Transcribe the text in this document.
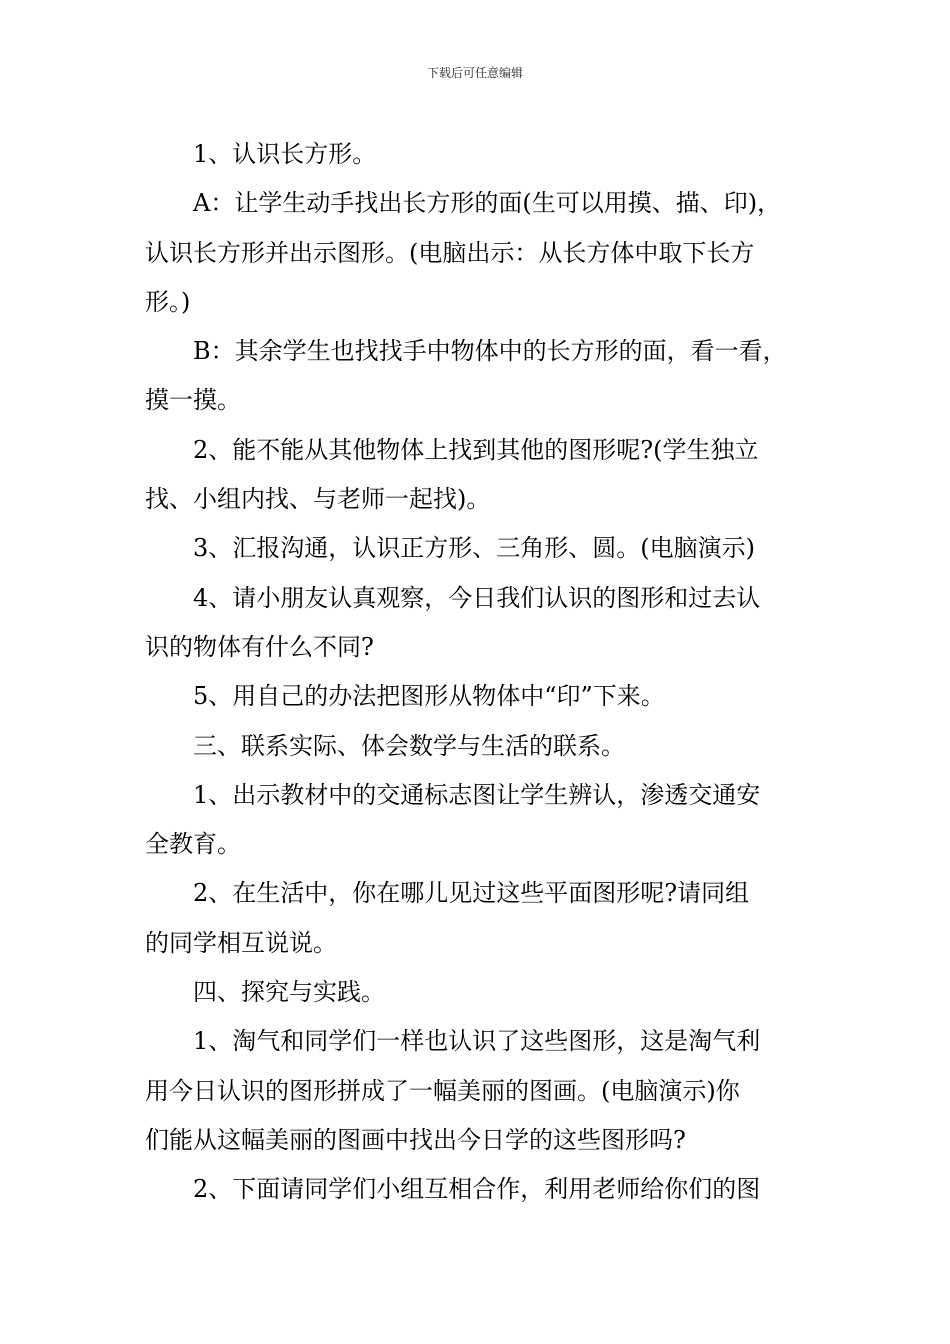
下载后可任意编辑
1、认识长方形。
A：让学生动手找出长方形的面(生可以用摸、描、印)，
认识长方形并出示图形。(电脑出示：从长方体中取下长方
形。)
B：其余学生也找找手中物体中的长方形的面，看一看，
摸一摸。
2、能不能从其他物体上找到其他的图形呢?(学生独立
找、小组内找、与老师一起找)。
3、汇报沟通，认识正方形、三角形、圆。(电脑演示)
4、请小朋友认真观察，今日我们认识的图形和过去认
识的物体有什么不同?
5、用自己的办法把图形从物体中“印”下来。
三、联系实际、体会数学与生活的联系。
1、出示教材中的交通标志图让学生辨认，渗透交通安
全教育。
2、在生活中，你在哪儿见过这些平面图形呢?请同组
的同学相互说说。
四、探究与实践。
1、淘气和同学们一样也认识了这些图形，这是淘气利
用今日认识的图形拼成了一幅美丽的图画。(电脑演示)你
们能从这幅美丽的图画中找出今日学的这些图形吗?
2、下面请同学们小组互相合作，利用老师给你们的图
